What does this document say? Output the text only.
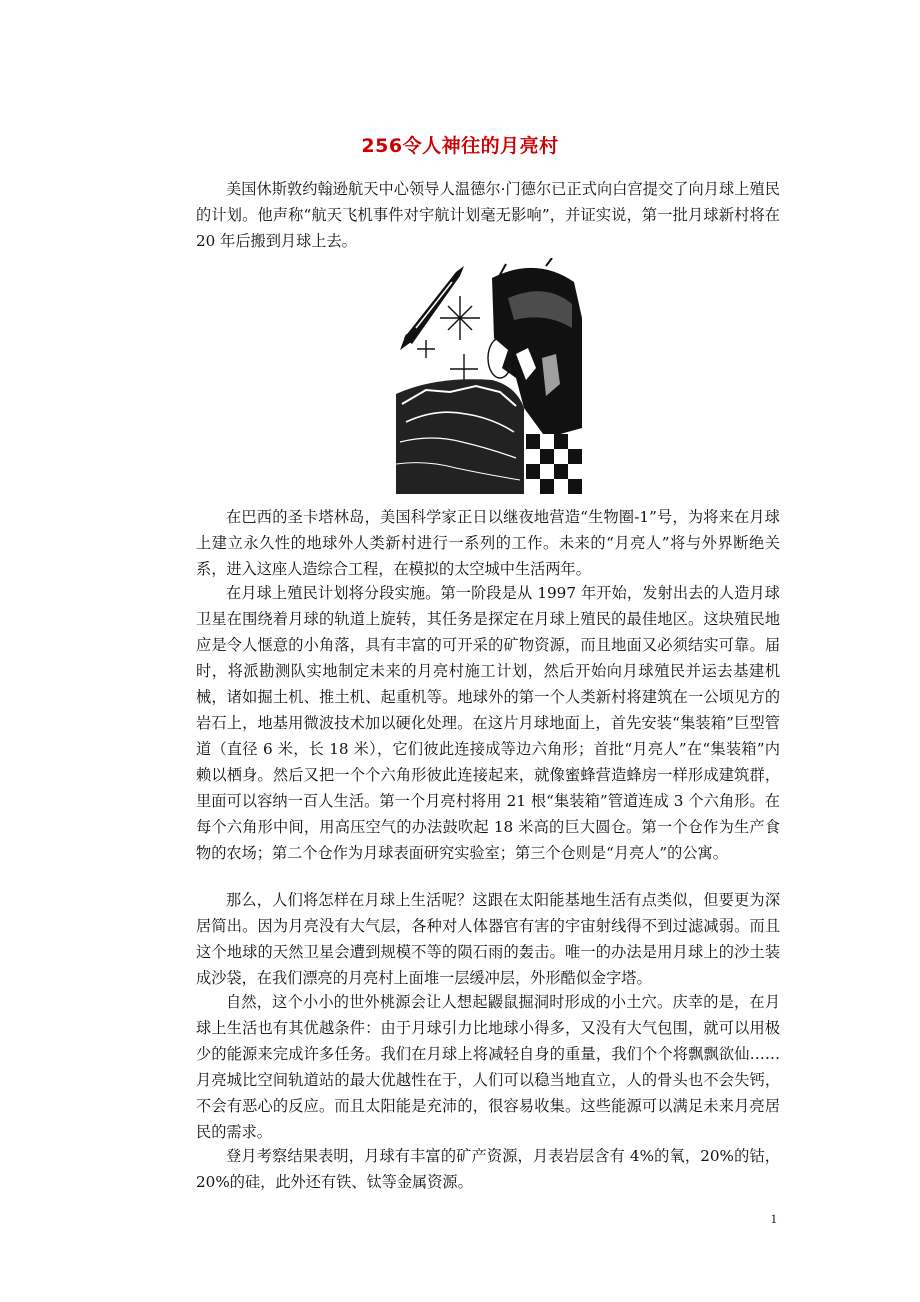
256令人神往的月亮村

美国休斯敦约翰逊航天中心领导人温德尔·门德尔已正式向白宫提交了向月球上殖民的计划。他声称“航天飞机事件对宇航计划毫无影响”，并证实说，第一批月球新村将在 20 年后搬到月球上去。

在巴西的圣卡塔林岛，美国科学家正日以继夜地营造“生物圈-1”号，为将来在月球上建立永久性的地球外人类新村进行一系列的工作。未来的“月亮人”将与外界断绝关系，进入这座人造综合工程，在模拟的太空城中生活两年。

在月球上殖民计划将分段实施。第一阶段是从 1997 年开始，发射出去的人造月球卫星在围绕着月球的轨道上旋转，其任务是探定在月球上殖民的最佳地区。这块殖民地应是令人惬意的小角落，具有丰富的可开采的矿物资源，而且地面又必须结实可靠。届时，将派勘测队实地制定未来的月亮村施工计划，然后开始向月球殖民并运去基建机械，诸如掘土机、推土机、起重机等。地球外的第一个人类新村将建筑在一公顷见方的岩石上，地基用微波技术加以硬化处理。在这片月球地面上，首先安装“集装箱”巨型管道（直径 6 米，长 18 米），它们彼此连接成等边六角形；首批“月亮人”在“集装箱”内赖以栖身。然后又把一个个六角形彼此连接起来，就像蜜蜂营造蜂房一样形成建筑群，里面可以容纳一百人生活。第一个月亮村将用 21 根“集装箱”管道连成 3 个六角形。在每个六角形中间，用高压空气的办法鼓吹起 18 米高的巨大圆仓。第一个仓作为生产食物的农场；第二个仓作为月球表面研究实验室；第三个仓则是“月亮人”的公寓。

那么，人们将怎样在月球上生活呢？这跟在太阳能基地生活有点类似，但要更为深居简出。因为月亮没有大气层，各种对人体器官有害的宇宙射线得不到过滤减弱。而且这个地球的天然卫星会遭到规模不等的陨石雨的轰击。唯一的办法是用月球上的沙土装成沙袋，在我们漂亮的月亮村上面堆一层缓冲层，外形酷似金字塔。

自然，这个小小的世外桃源会让人想起鼹鼠掘洞时形成的小土穴。庆幸的是，在月球上生活也有其优越条件：由于月球引力比地球小得多，又没有大气包围，就可以用极少的能源来完成许多任务。我们在月球上将减轻自身的重量，我们个个将飘飘欲仙……月亮城比空间轨道站的最大优越性在于，人们可以稳当地直立，人的骨头也不会失钙，不会有恶心的反应。而且太阳能是充沛的，很容易收集。这些能源可以满足未来月亮居民的需求。

登月考察结果表明，月球有丰富的矿产资源，月表岩层含有 4%的氧，20%的钴，20%的硅，此外还有铁、钛等金属资源。

1
